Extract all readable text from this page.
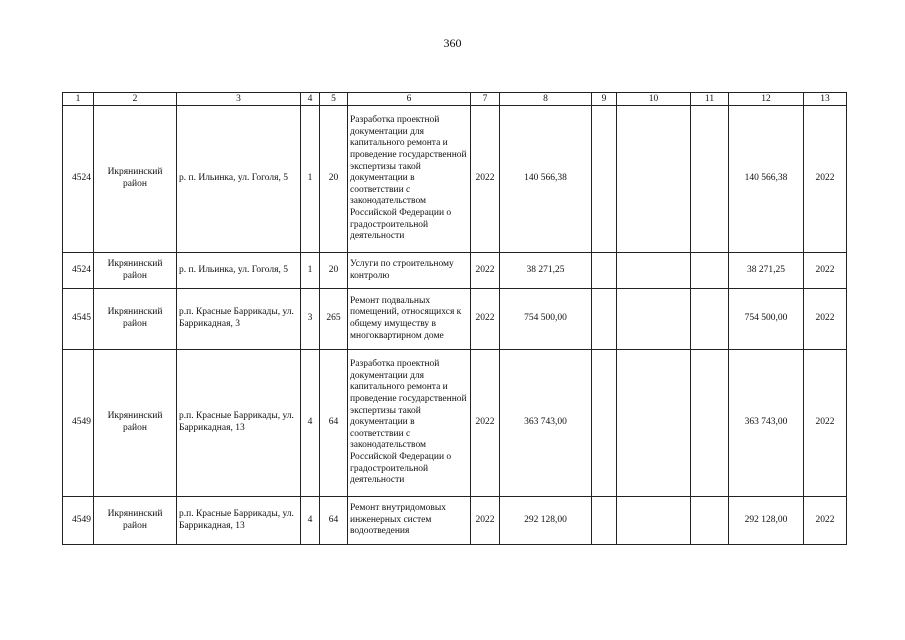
360
1	2	3	4	5	6	7	8	9	10	11	12	13
4524	Икрянинский район	р. п. Ильинка, ул. Гоголя, 5	1	20	Разработка проектной документации для капитального ремонта и проведение государственной экспертизы такой документации в соответствии с законодательством Российской Федерации о градостроительной деятельности	2022	140 566,38				140 566,38	2022
4524	Икрянинский район	р. п. Ильинка, ул. Гоголя, 5	1	20	Услуги по строительному контролю	2022	38 271,25				38 271,25	2022
4545	Икрянинский район	р.п. Красные Баррикады, ул. Баррикадная, 3	3	265	Ремонт подвальных помещений, относящихся к общему имуществу в многоквартирном доме	2022	754 500,00				754 500,00	2022
4549	Икрянинский район	р.п. Красные Баррикады, ул. Баррикадная, 13	4	64	Разработка проектной документации для капитального ремонта и проведение государственной экспертизы такой документации в соответствии с законодательством Российской Федерации о градостроительной деятельности	2022	363 743,00				363 743,00	2022
4549	Икрянинский район	р.п. Красные Баррикады, ул. Баррикадная, 13	4	64	Ремонт внутридомовых инженерных систем водоотведения	2022	292 128,00				292 128,00	2022
